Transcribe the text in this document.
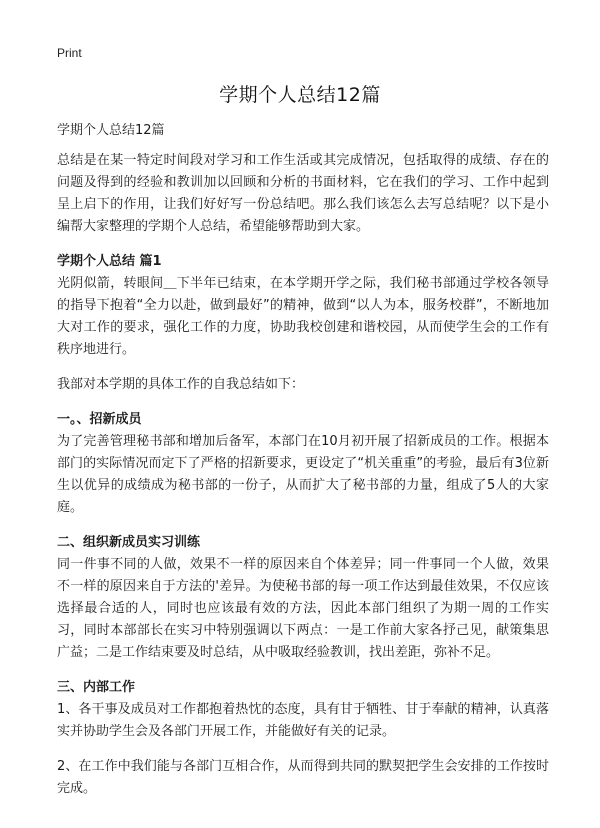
Print
学期个人总结12篇

学期个人总结12篇

总结是在某一特定时间段对学习和工作生活或其完成情况，包括取得的成绩、存在的问题及得到的经验和教训加以回顾和分析的书面材料，它在我们的学习、工作中起到呈上启下的作用，让我们好好写一份总结吧。那么我们该怎么去写总结呢？以下是小编帮大家整理的学期个人总结，希望能够帮助到大家。

学期个人总结 篇1

光阴似箭，转眼间＿下半年已结束，在本学期开学之际，我们秘书部通过学校各领导的指导下抱着“全力以赴，做到最好”的精神，做到“以人为本，服务校群”，不断地加大对工作的要求，强化工作的力度，协助我校创建和谐校园，从而使学生会的工作有秩序地进行。

我部对本学期的具体工作的自我总结如下：

一。、招新成员

为了完善管理秘书部和增加后备军，本部门在10月初开展了招新成员的工作。根据本部门的实际情况而定下了严格的招新要求，更设定了“机关重重”的考验，最后有3位新生以优异的成绩成为秘书部的一份子，从而扩大了秘书部的力量，组成了5人的大家庭。

二、组织新成员实习训练

同一件事不同的人做，效果不一样的原因来自个体差异；同一件事同一个人做，效果不一样的原因来自于方法的'差异。为使秘书部的每一项工作达到最佳效果，不仅应该选择最合适的人，同时也应该最有效的方法，因此本部门组织了为期一周的工作实习，同时本部部长在实习中特别强调以下两点：一是工作前大家各抒己见，献策集思广益；二是工作结束要及时总结，从中吸取经验教训，找出差距，弥补不足。

三、内部工作

1、各干事及成员对工作都抱着热忱的态度，具有甘于牺牲、甘于奉献的精神，认真落实并协助学生会及各部门开展工作，并能做好有关的记录。

2、在工作中我们能与各部门互相合作，从而得到共同的默契把学生会安排的工作按时完成。
